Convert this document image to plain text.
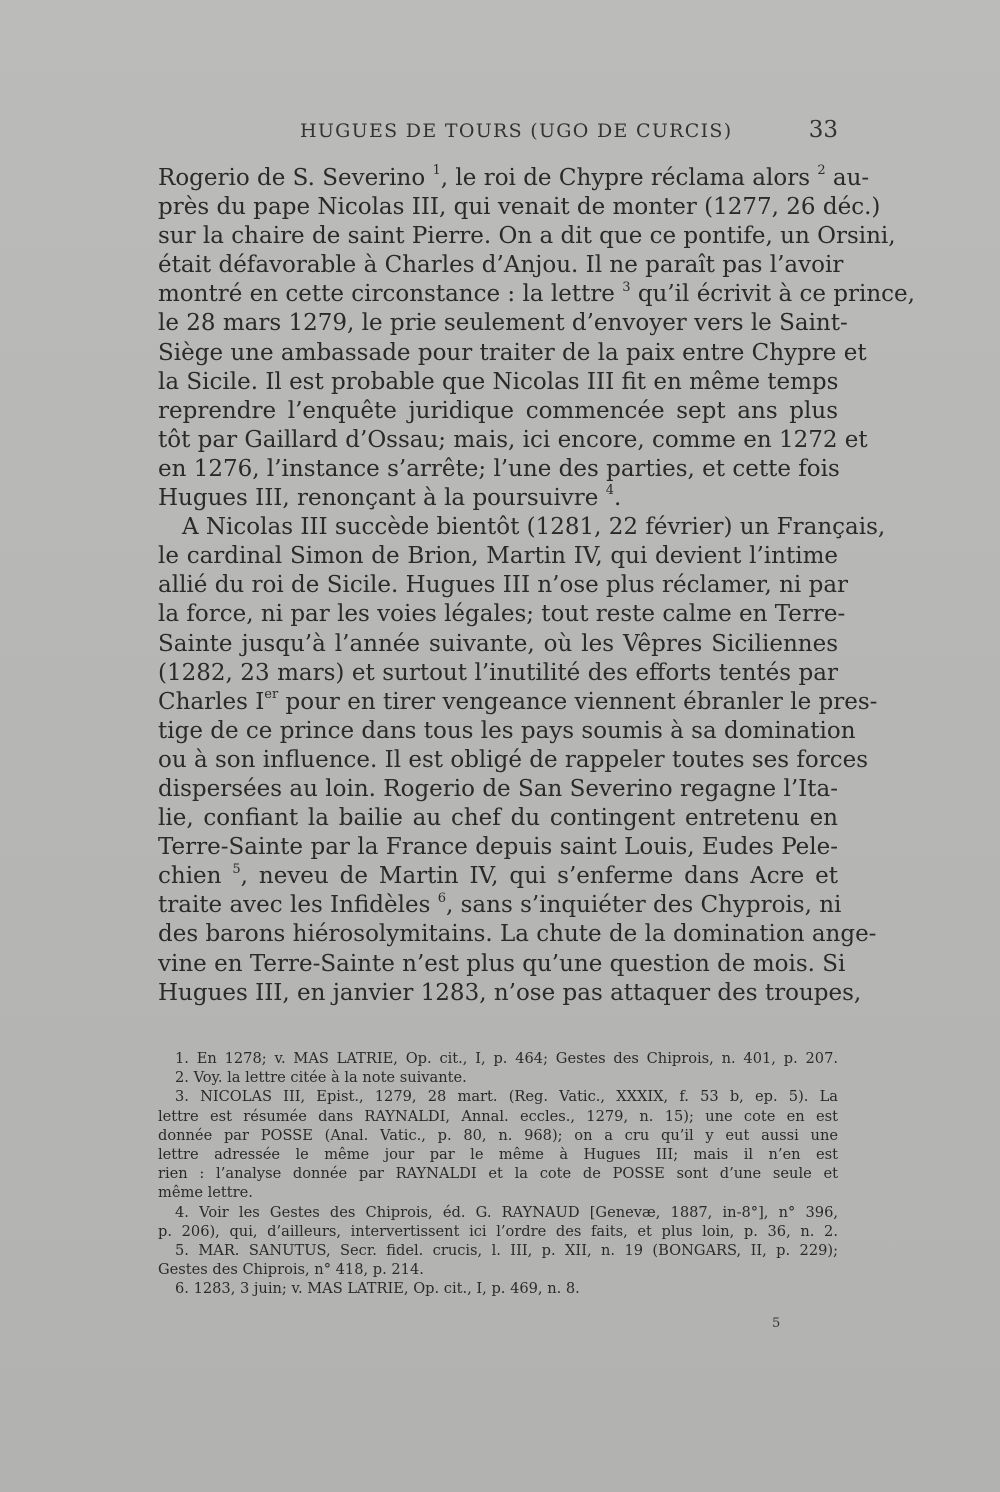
HUGUES DE TOURS (UGO DE CURCIS)	33
Rogerio de S. Severino $^1$, le roi de Chypre réclama alors $^2$ au-
près du pape Nicolas III, qui venait de monter (1277, 26 déc.)
sur la chaire de saint Pierre. On a dit que ce pontife, un Orsini,
était défavorable à Charles d’Anjou. Il ne paraît pas l’avoir
montré en cette circonstance : la lettre $^3$ qu’il écrivit à ce prince,
le 28 mars 1279, le prie seulement d’envoyer vers le Saint-
Siège une ambassade pour traiter de la paix entre Chypre et
la Sicile. Il est probable que Nicolas III fit en même temps
reprendre l’enquête juridique commencée sept ans plus
tôt par Gaillard d’Ossau; mais, ici encore, comme en 1272 et
en 1276, l’instance s’arrête; l’une des parties, et cette fois
Hugues III, renonçant à la poursuivre $^4$.
A Nicolas III succède bientôt (1281, 22 février) un Français,
le cardinal Simon de Brion, Martin IV, qui devient l’intime
allié du roi de Sicile. Hugues III n’ose plus réclamer, ni par
la force, ni par les voies légales; tout reste calme en Terre-
Sainte jusqu’à l’année suivante, où les Vêpres Siciliennes
(1282, 23 mars) et surtout l’inutilité des efforts tentés par
Charles Ier pour en tirer vengeance viennent ébranler le pres-
tige de ce prince dans tous les pays soumis à sa domination
ou à son influence. Il est obligé de rappeler toutes ses forces
dispersées au loin. Rogerio de San Severino regagne l’Ita-
lie, confiant la bailie au chef du contingent entretenu en
Terre-Sainte par la France depuis saint Louis, Eudes Pele-
chien $^5$, neveu de Martin IV, qui s’enferme dans Acre et
traite avec les Infidèles $^6$, sans s’inquiéter des Chyprois, ni
des barons hiérosolymitains. La chute de la domination ange-
vine en Terre-Sainte n’est plus qu’une question de mois. Si
Hugues III, en janvier 1283, n’ose pas attaquer des troupes,
1. En 1278; v. MAS LATRIE, Op. cit., I, p. 464; Gestes des Chiprois, n. 401, p. 207.
2. Voy. la lettre citée à la note suivante.
3. NICOLAS III, Epist., 1279, 28 mart. (Reg. Vatic., XXXIX, f. 53 b, ep. 5). La
lettre est résumée dans RAYNALDI, Annal. eccles., 1279, n. 15); une cote en est
donnée par POSSE (Anal. Vatic., p. 80, n. 968); on a cru qu’il y eut aussi une
lettre adressée le même jour par le même à Hugues III; mais il n’en est
rien : l’analyse donnée par RAYNALDI et la cote de POSSE sont d’une seule et
même lettre.
4. Voir les Gestes des Chiprois, éd. G. RAYNAUD [Genevæ, 1887, in-8°], n° 396,
p. 206), qui, d’ailleurs, intervertissent ici l’ordre des faits, et plus loin, p. 36, n. 2.
5. MAR. SANUTUS, Secr. fidel. crucis, l. III, p. XII, n. 19 (BONGARS, II, p. 229);
Gestes des Chiprois, n° 418, p. 214.
6. 1283, 3 juin; v. MAS LATRIE, Op. cit., I, p. 469, n. 8.
5
